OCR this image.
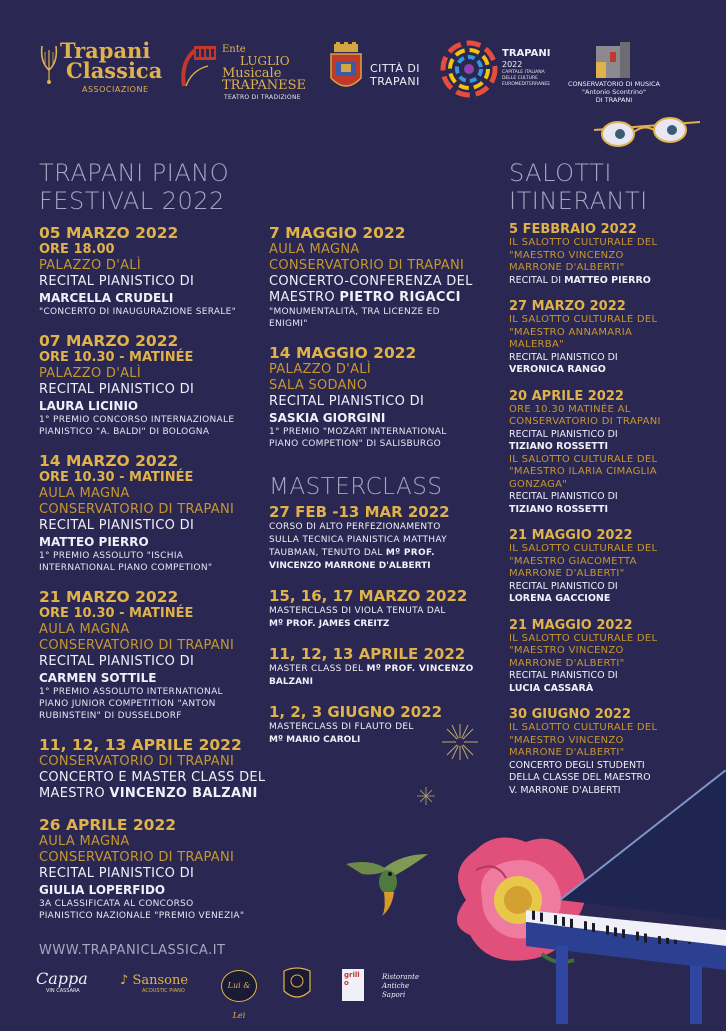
Trapani
Classica
ASSOCIAZIONE
Ente
LUGLIO
Musicale
TRAPANESE
TEATRO DI TRADIZIONE
CITTÀ DI
TRAPANI
TRAPANI
2022
CAPITALE ITALIANA
DELLE CULTURE
EUROMEDITERRANEE	CONSERVATORIO DI MUSICA
"Antonio Scontrino"
DI TRAPANI
TRAPANI PIANO
FESTIVAL 2022
SALOTTI
ITINERANTI
05 MARZO 2022
ORE 18.00
PALAZZO D'ALÌ
RECITAL PIANISTICO DI
MARCELLA CRUDELI
"CONCERTO DI INAUGURAZIONE SERALE"
07 MARZO 2022
ORE 10.30 - MATINÉE
PALAZZO D'ALÌ
RECITAL PIANISTICO DI
LAURA LICINIO
1° PREMIO CONCORSO INTERNAZIONALE
PIANISTICO "A. BALDI" DI BOLOGNA
14 MARZO 2022
ORE 10.30 - MATINÉE
AULA MAGNA
CONSERVATORIO DI TRAPANI
RECITAL PIANISTICO DI
MATTEO PIERRO
1° PREMIO ASSOLUTO "ISCHIA
INTERNATIONAL PIANO COMPETION"
21 MARZO 2022
ORE 10.30 - MATINÉE
AULA MAGNA
CONSERVATORIO DI TRAPANI
RECITAL PIANISTICO DI
CARMEN SOTTILE
1° PREMIO ASSOLUTO INTERNATIONAL
PIANO JUNIOR COMPETITION "ANTON
RUBINSTEIN" DI DUSSELDORF
11, 12, 13 APRILE 2022
CONSERVATORIO DI TRAPANI
CONCERTO E MASTER CLASS DEL
MAESTRO VINCENZO BALZANI
26 APRILE 2022
AULA MAGNA
CONSERVATORIO DI TRAPANI
RECITAL PIANISTICO DI
GIULIA LOPERFIDO
3A CLASSIFICATA AL CONCORSO
PIANISTICO NAZIONALE "PREMIO VENEZIA"
7 MAGGIO 2022
AULA MAGNA
CONSERVATORIO DI TRAPANI
CONCERTO-CONFERENZA DEL
MAESTRO PIETRO RIGACCI
"MONUMENTALITÀ, TRA LICENZE ED
ENIGMI"
14 MAGGIO 2022
PALAZZO D'ALÌ
SALA SODANO
RECITAL PIANISTICO DI
SASKIA GIORGINI
1° PREMIO "MOZART INTERNATIONAL
PIANO COMPETION" DI SALISBURGO
MASTERCLASS
27 FEB -13 MAR 2022
CORSO DI ALTO PERFEZIONAMENTO
SULLA TECNICA PIANISTICA MATTHAY
TAUBMAN, TENUTO DAL Mº PROF.
VINCENZO MARRONE D'ALBERTI
15, 16, 17 MARZO 2022
MASTERCLASS DI VIOLA TENUTA DAL
Mº PROF. JAMES CREITZ
11, 12, 13 APRILE 2022
MASTER CLASS DEL Mº PROF. VINCENZO
BALZANI
1, 2, 3 GIUGNO 2022
MASTERCLASS DI FLAUTO DEL
Mº MARIO CAROLI
5 FEBBRAIO 2022
IL SALOTTO CULTURALE DEL
"MAESTRO VINCENZO
MARRONE D'ALBERTI"
RECITAL DI MATTEO PIERRO
27 MARZO 2022
IL SALOTTO CULTURALE DEL
"MAESTRO ANNAMARIA
MALERBA"
RECITAL PIANISTICO DI
VERONICA RANGO
20 APRILE 2022
ORE 10.30 MATINÉE AL
CONSERVATORIO DI TRAPANI
RECITAL PIANISTICO DI
TIZIANO ROSSETTI
IL SALOTTO CULTURALE DEL
"MAESTRO ILARIA CIMAGLIA
GONZAGA"
RECITAL PIANISTICO DI
TIZIANO ROSSETTI
21 MAGGIO 2022
IL SALOTTO CULTURALE DEL
"MAESTRO GIACOMETTA
MARRONE D'ALBERTI"
RECITAL PIANISTICO DI
LORENA GACCIONE
21 MAGGIO 2022
IL SALOTTO CULTURALE DEL
"MAESTRO VINCENZO
MARRONE D'ALBERTI"
RECITAL PIANISTICO DI
LUCIA CASSARÀ
30 GIUGNO 2022
IL SALOTTO CULTURALE DEL
"MAESTRO VINCENZO
MARRONE D'ALBERTI"
CONCERTO DEGLI STUDENTI
DELLA CLASSE DEL MAESTRO
V. MARRONE D'ALBERTI
WWW.TRAPANICLASSICA.IT
Cappa
VIN CASSARA
♪ Sansone
ACOUSTIC PIANO
Lui & Lei
grillo
Ristorante Antiche Sapori
